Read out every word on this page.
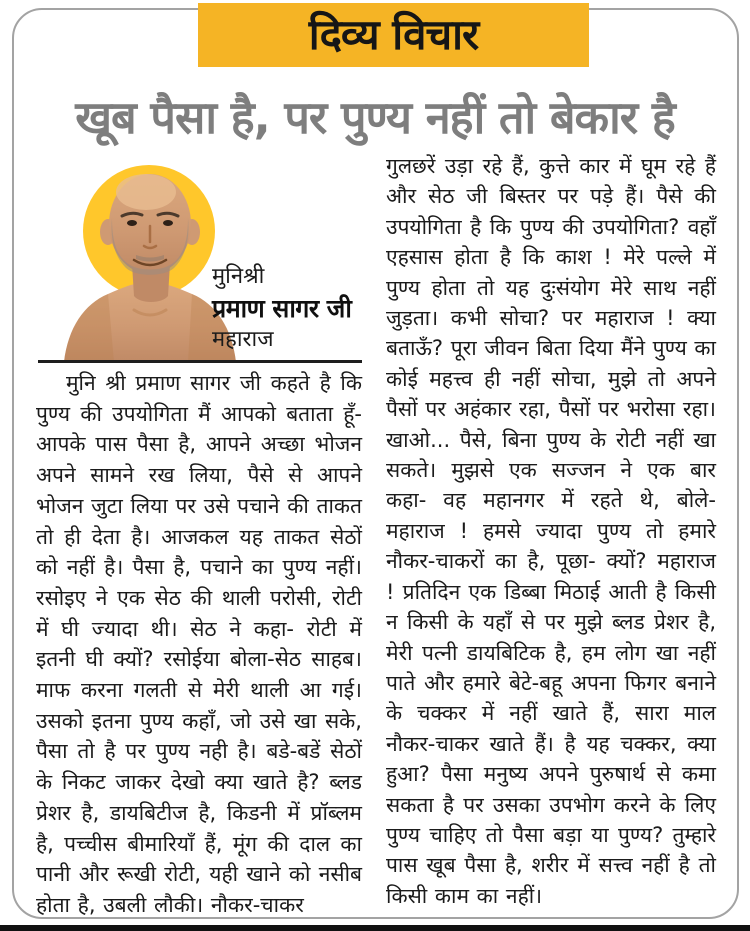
दिव्य विचार
खूब पैसा है, पर पुण्य नहीं तो बेकार है
मुनिश्री
प्रमाण सागर जी
महाराज
मुनि श्री प्रमाण सागर जी कहते है कि पुण्य की उपयोगिता मैं आपको बताता हूँ- आपके पास पैसा है, आपने अच्छा भोजन अपने सामने रख लिया, पैसे से आपने भोजन जुटा लिया पर उसे पचाने की ताकत तो ही देता है। आजकल यह ताकत सेठों को नहीं है। पैसा है, पचाने का पुण्य नहीं। रसोइए ने एक सेठ की थाली परोसी, रोटी में घी ज्यादा थी। सेठ ने कहा- रोटी में इतनी घी क्यों? रसोईया बोला-सेठ साहब। माफ करना गलती से मेरी थाली आ गई। उसको इतना पुण्य कहाँ, जो उसे खा सके, पैसा तो है पर पुण्य नही है। बडे-बडें सेठों के निकट जाकर देखो क्या खाते है? ब्लड प्रेशर है, डायबिटीज है, किडनी में प्रॉब्लम है, पच्चीस बीमारियाँ हैं, मूंग की दाल का पानी और रूखी रोटी, यही खाने को नसीब होता है, उबली लौकी। नौकर-चाकर
गुलछरें उड़ा रहे हैं, कुत्ते कार में घूम रहे हैं और सेठ जी बिस्तर पर पड़े हैं। पैसे की उपयोगिता है कि पुण्य की उपयोगिता? वहाँ एहसास होता है कि काश ! मेरे पल्ले में पुण्य होता तो यह दुःसंयोग मेरे साथ नहीं जुड़ता। कभी सोचा? पर महाराज ! क्या बताऊँ? पूरा जीवन बिता दिया मैंने पुण्य का कोई महत्त्व ही नहीं सोचा, मुझे तो अपने पैसों पर अहंकार रहा, पैसों पर भरोसा रहा। खाओ... पैसे, बिना पुण्य के रोटी नहीं खा सकते। मुझसे एक सज्जन ने एक बार कहा- वह महानगर में रहते थे, बोले- महाराज ! हमसे ज्यादा पुण्य तो हमारे नौकर-चाकरों का है, पूछा- क्यों? महाराज ! प्रतिदिन एक डिब्बा मिठाई आती है किसी न किसी के यहाँ से पर मुझे ब्लड प्रेशर है, मेरी पत्नी डायबिटिक है, हम लोग खा नहीं पाते और हमारे बेटे-बहू अपना फिगर बनाने के चक्कर में नहीं खाते हैं, सारा माल नौकर-चाकर खाते हैं। है यह चक्कर, क्या हुआ? पैसा मनुष्य अपने पुरुषार्थ से कमा सकता है पर उसका उपभोग करने के लिए पुण्य चाहिए तो पैसा बड़ा या पुण्य? तुम्हारे पास खूब पैसा है, शरीर में सत्त्व नहीं है तो किसी काम का नहीं।
